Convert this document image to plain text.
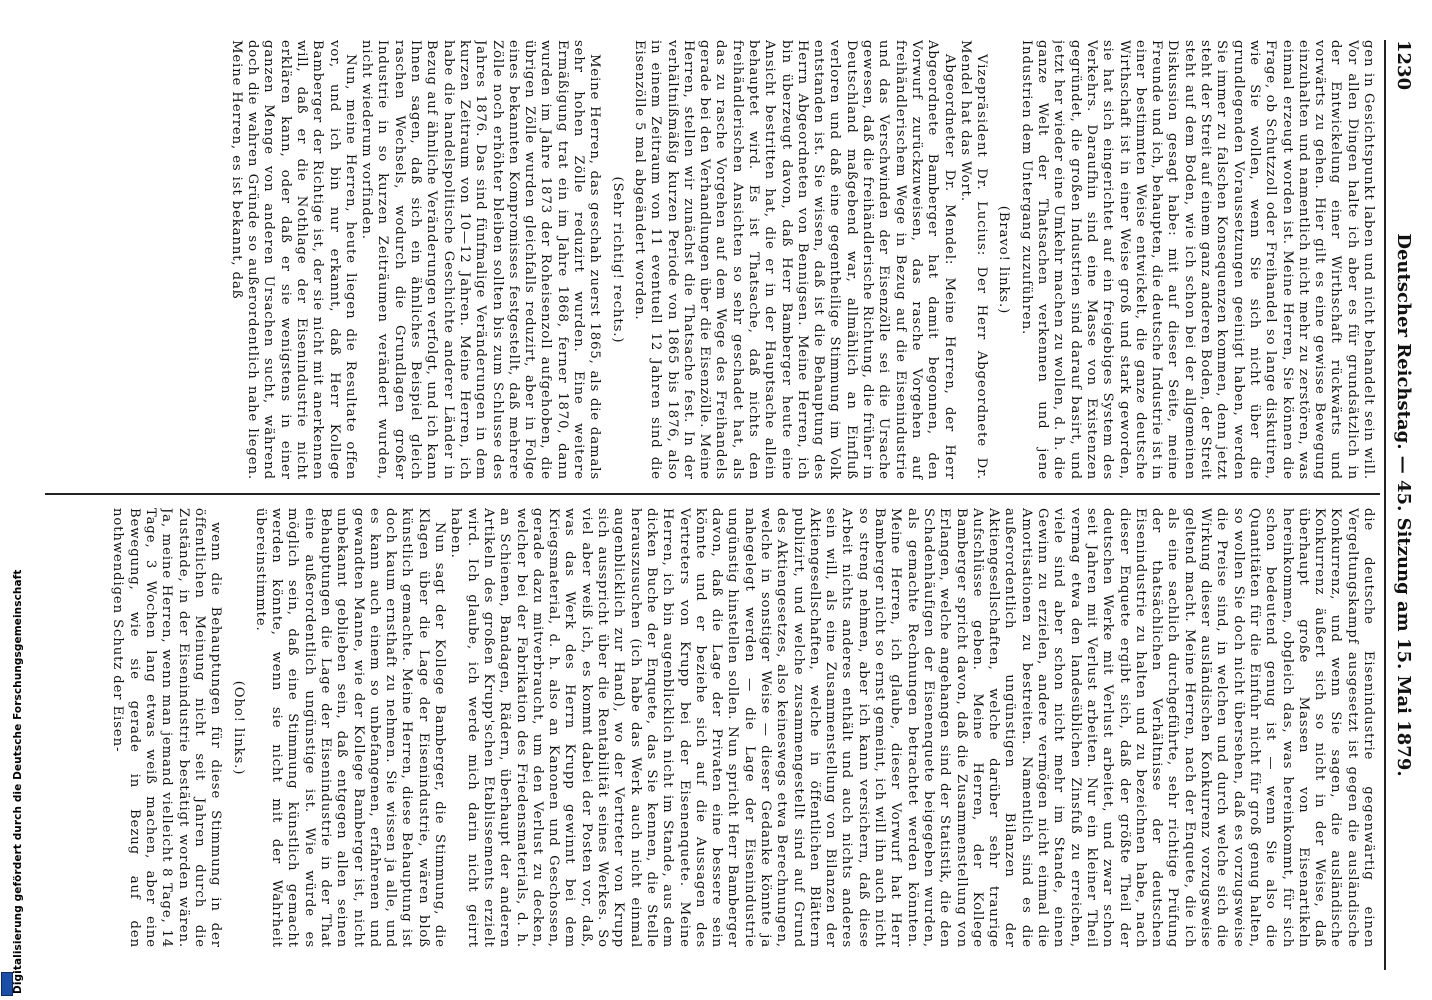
1230
Deutscher Reichstag. — 45. Sitzung am 15. Mai 1879.

gen in Gesichtspunkt laben und nicht behandelt sein will. Vor allen Dingen halte ich aber es für grundsätzlich in der Entwickelung einer Wirthschaft rückwärts und vorwärts zu gehen. Hier gilt es eine gewisse Bewegung einzuhalten und namentlich nicht mehr zu zerstören, was einmal erzeugt worden ist. Meine Herren, Sie können die Frage, ob Schutzzoll oder Freihandel so lange diskutiren, wie Sie wollen, wenn Sie sich nicht über die grundlegenden Voraussetzungen geeinigt haben, werden Sie immer zu falschen Konsequenzen kommen, denn jetzt steht der Streit auf einem ganz anderen Boden, der Streit steht auf dem Boden, wie ich schon bei der allgemeinen Diskussion gesagt habe: mit auf dieser Seite, meine Freunde und ich, behaupten, die deutsche Industrie ist in einer bestimmten Weise entwickelt, die ganze deutsche Wirthschaft ist in einer Weise groß und stark geworden, sie hat sich eingerichtet auf ein freigebiges System des Verkehrs. Daraufhin sind eine Masse von Existenzen gegründet, die großen Industrien sind darauf basirt, und jetzt her wieder eine Umkehr machen zu wollen, d. h. die ganze Welt der Thatsachen verkennen und jene Industrien dem Untergang zuzuführen.

(Bravo! links.)

Vizepräsident Dr. Lucius: Der Herr Abgeordnete Dr. Mendel hat das Wort.

Abgeordneter Dr. Mendel: Meine Herren, der Herr Abgeordnete Bamberger hat damit begonnen, den Vorwurf zurückzuweisen, das rasche Vorgehen auf freihändlerischem Wege in Bezug auf die Eisenindustrie und das Verschwinden der Eisenzölle sei die Ursache gewesen, daß die freihändlerische Richtung, die früher in Deutschland maßgebend war, allmählich an Einfluß verloren und daß eine gegentheilige Stimmung im Volk entstanden ist. Sie wissen, daß ist die Behauptung des Herrn Abgeordneten von Bennigsen. Meine Herren, ich bin überzeugt davon, daß Herr Bamberger heute eine Ansicht bestritten hat, die er in der Hauptsache allein behauptet wird. Es ist Thatsache, daß nichts den freihändlerischen Ansichten so sehr geschadet hat, als das zu rasche Vorgehen auf dem Wege des Freihandels gerade bei den Verhandlungen über die Eisenzölle. Meine Herren, stellen wir zunächst die Thatsache fest. In der verhältnißmäßig kurzen Periode von 1865 bis 1876, also in einem Zeitraum von 11 eventuell 12 Jahren sind die Eisenzölle 5 mal abgeändert worden.

(Sehr richtig! rechts.)

Meine Herren, das geschah zuerst 1865, als die damals sehr hohen Zölle reduzirt wurden. Eine weitere Ermäßigung trat ein im Jahre 1868, ferner 1870, dann wurden im Jahre 1873 der Roheisenzoll aufgehoben, die übrigen Zölle wurden gleichfalls reduzirt, aber in Folge eines bekannten Kompromisses festgestellt, daß mehrere Zölle noch erhöhter bleiben sollten bis zum Schlusse des Jahres 1876. Das sind fünfmalige Veränderungen in dem kurzen Zeitraum von 10—12 Jahren. Meine Herren, ich habe die handelspolitische Geschichte anderer Länder in Bezug auf ähnliche Veränderungen verfolgt, und ich kann Ihnen sagen, daß sich ein ähnliches Beispiel gleich raschen Wechsels, wodurch die Grundlagen großer Industrie in so kurzen Zeiträumen verändert wurden, nicht wiederum vorfinden.

Nun, meine Herren, heute liegen die Resultate offen vor, und ich bin nur erkannt, daß Herr Kollege Bamberger der Richtige ist, der sie nicht mit anerkennen will, daß er die Nothlage der Eisenindustrie nicht erklären kann, oder daß er sie wenigstens in einer ganzen Menge von anderen Ursachen sucht, während doch die wahren Gründe so außerordentlich nahe liegen. Meine Herren, es ist bekannt, daß

die deutsche Eisenindustrie gegenwärtig einen Vergeltungskampf ausgesetzt ist gegen die ausländische Konkurrenz, und wenn Sie sagen, die ausländische Konkurrenz äußert sich so nicht in der Weise, daß überhaupt große Massen von Eisenartikeln hereinkommen, obgleich das, was hereinkommt, für sich schon bedeutend genug ist — wenn Sie also die Quantitäten für die Einfuhr nicht für groß genug halten, so wollen Sie doch nicht übersehen, daß es vorzugsweise die Preise sind, in welchen und durch welche sich die Wirkung dieser ausländischen Konkurrenz vorzugsweise geltend macht. Meine Herren, nach der Enquete, die ich als eine sachlich durchgeführte, sehr richtige Prüfung der thatsächlichen Verhältnisse der deutschen Eisenindustrie zu halten und zu bezeichnen habe, nach dieser Enquete ergibt sich, daß der größte Theil der deutschen Werke mit Verlust arbeitet, und zwar schon seit Jahren mit Verlust arbeiten. Nur ein kleiner Theil vermag etwa den landesüblichen Zinsfuß zu erreichen, viele sind aber schon nicht mehr im Stande, einen Gewinn zu erzielen, andere vermögen nicht einmal die Amortisationen zu bestreiten. Namentlich sind es die außerordentlich ungünstigen Bilanzen der Aktiengesellschaften, welche darüber sehr traurige Aufschlüsse geben. Meine Herren, der Kollege Bamberger spricht davon, daß die Zusammenstellung von Erlangen, welche angehangen sind der Statistik, die den Schadenhäufigen der Eisenenquete beigegeben wurden, als gemachte Rechnungen betrachtet werden könnten. Meine Herren, ich glaube, dieser Vorwurf hat Herr Bamberger nicht so ernst gemeint, ich will ihn auch nicht so streng nehmen, aber ich kann versichern, daß diese Arbeit nichts anderes enthält und auch nichts anderes sein will, als eine Zusammenstellung von Bilanzen der Aktiengesellschaften, welche in öffentlichen Blättern publizirt, und welche zusammengestellt sind auf Grund des Aktiengesetzes, also keineswegs etwa Berechnungen, welche in sonstiger Weise — dieser Gedanke könnte ja nahegelegt werden — die Lage der Eisenindustrie ungünstig hinstellen sollen. Nun spricht Herr Bamberger davon, daß die Lage der Privaten eine bessere sein könnte und er beziehe sich auf die Aussagen des Vertreters von Krupp bei der Eisenenquete. Meine Herren, ich bin augenblicklich nicht im Stande, aus dem dicken Buche der Enquete, das Sie kennen, die Stelle herauszusuchen (ich habe das Werk auch nicht einmal augenblicklich zur Hand), wo der Vertreter von Krupp sich ausspricht über die Rentabilität seines Werkes. So viel aber weiß ich, es kommt dabei der Posten vor, daß, was das Werk des Herrn Krupp gewinnt bei dem Kriegsmaterial, d. h. also an Kanonen und Geschossen, gerade dazu mitverbraucht, um den Verlust zu decken, welcher bei der Fabrikation des Friedensmaterials, d. h. an Schienen, Bandagen, Rädern, überhaupt der anderen Artikeln des großen Krupp'schen Etablissements erzielt wird. Ich glaube, ich werde mich darin nicht geirrt haben.

Nun sagt der Kollege Bamberger, die Stimmung, die Klagen über die Lage der Eisenindustrie, wären bloß künstlich gemachte. Meine Herren, diese Behauptung ist doch kaum ernsthaft zu nehmen. Sie wissen ja alle, und es kann auch einem so unbefangenen, erfahrenen und gewandten Manne, wie der Kollege Bamberger ist, nicht unbekannt geblieben sein, daß entgegen allen seinen Behauptungen die Lage der Eisenindustrie in der That eine außerordentlich ungünstige ist. Wie würde es möglich sein, daß eine Stimmung künstlich gemacht werden könnte, wenn sie nicht mit der Wahrheit übereinstimmte.

(Oho! links.)

wenn die Behauptungen für diese Stimmung in der öffentlichen Meinung nicht seit Jahren durch die Zustände, in der Eisenindustrie bestätigt worden wären. Ja, meine Herren, wenn man jemand vielleicht 8 Tage, 14 Tage, 3 Wochen lang etwas weiß machen, aber eine Bewegung, wie sie gerade in Bezug auf den nothwendigen Schutz der Eisen-

Digitalisierung gefördert durch die Deutsche Forschungsgemeinschaft
